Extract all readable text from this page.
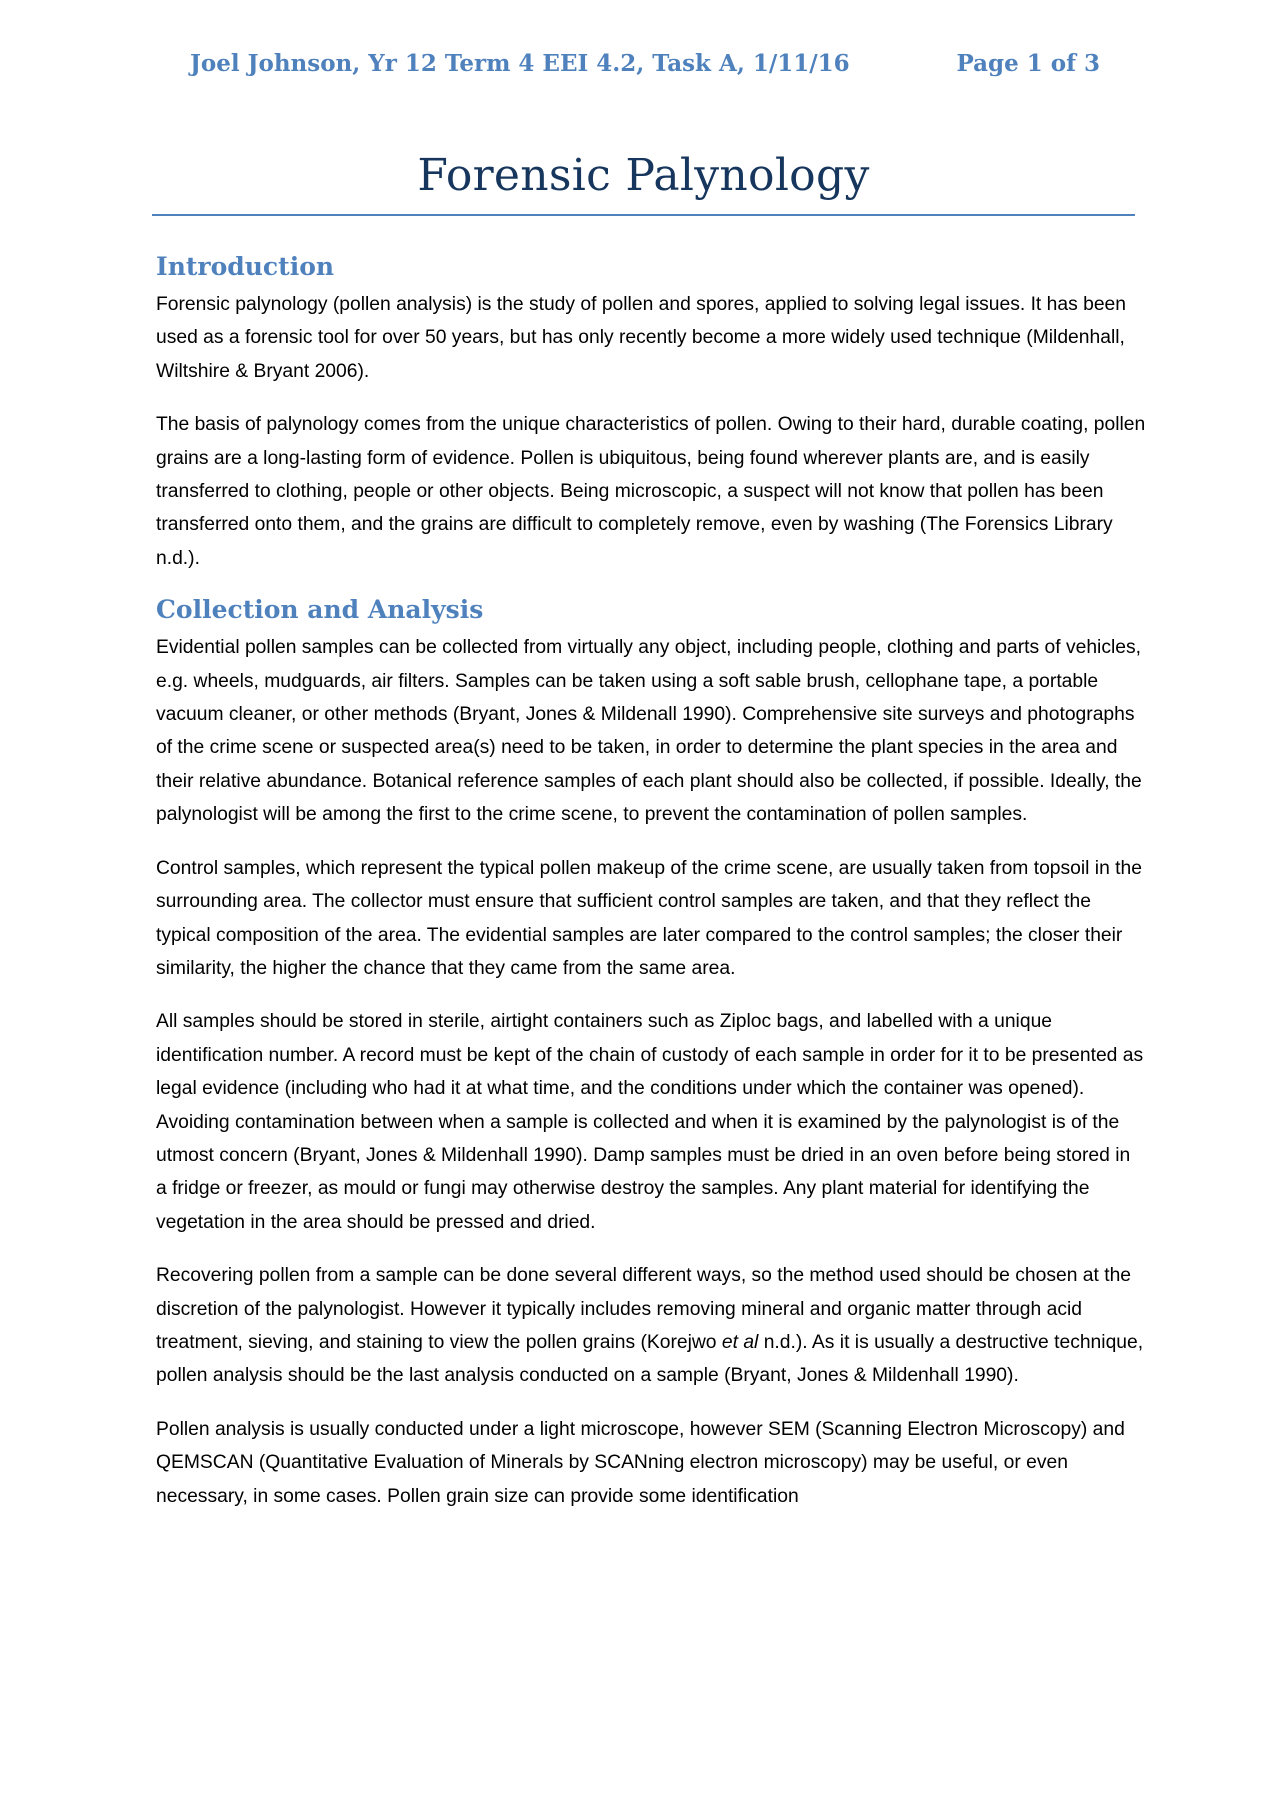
Joel Johnson, Yr 12 Term 4 EEI 4.2, Task A, 1/11/16	Page 1 of 3
Forensic Palynology
Introduction

Forensic palynology (pollen analysis) is the study of pollen and spores, applied to solving legal issues. It has been used as a forensic tool for over 50 years, but has only recently become a more widely used technique (Mildenhall, Wiltshire & Bryant 2006).

The basis of palynology comes from the unique characteristics of pollen. Owing to their hard, durable coating, pollen grains are a long-lasting form of evidence. Pollen is ubiquitous, being found wherever plants are, and is easily transferred to clothing, people or other objects. Being microscopic, a suspect will not know that pollen has been transferred onto them, and the grains are difficult to completely remove, even by washing (The Forensics Library n.d.).

Collection and Analysis

Evidential pollen samples can be collected from virtually any object, including people, clothing and parts of vehicles, e.g. wheels, mudguards, air filters. Samples can be taken using a soft sable brush, cellophane tape, a portable vacuum cleaner, or other methods (Bryant, Jones & Mildenall 1990). Comprehensive site surveys and photographs of the crime scene or suspected area(s) need to be taken, in order to determine the plant species in the area and their relative abundance. Botanical reference samples of each plant should also be collected, if possible. Ideally, the palynologist will be among the first to the crime scene, to prevent the contamination of pollen samples.

Control samples, which represent the typical pollen makeup of the crime scene, are usually taken from topsoil in the surrounding area. The collector must ensure that sufficient control samples are taken, and that they reflect the typical composition of the area. The evidential samples are later compared to the control samples; the closer their similarity, the higher the chance that they came from the same area.

All samples should be stored in sterile, airtight containers such as Ziploc bags, and labelled with a unique identification number. A record must be kept of the chain of custody of each sample in order for it to be presented as legal evidence (including who had it at what time, and the conditions under which the container was opened). Avoiding contamination between when a sample is collected and when it is examined by the palynologist is of the utmost concern (Bryant, Jones & Mildenhall 1990). Damp samples must be dried in an oven before being stored in a fridge or freezer, as mould or fungi may otherwise destroy the samples. Any plant material for identifying the vegetation in the area should be pressed and dried.

Recovering pollen from a sample can be done several different ways, so the method used should be chosen at the discretion of the palynologist. However it typically includes removing mineral and organic matter through acid treatment, sieving, and staining to view the pollen grains (Korejwo et al n.d.). As it is usually a destructive technique, pollen analysis should be the last analysis conducted on a sample (Bryant, Jones & Mildenhall 1990).

Pollen analysis is usually conducted under a light microscope, however SEM (Scanning Electron Microscopy) and QEMSCAN (Quantitative Evaluation of Minerals by SCANning electron microscopy) may be useful, or even necessary, in some cases. Pollen grain size can provide some identification
